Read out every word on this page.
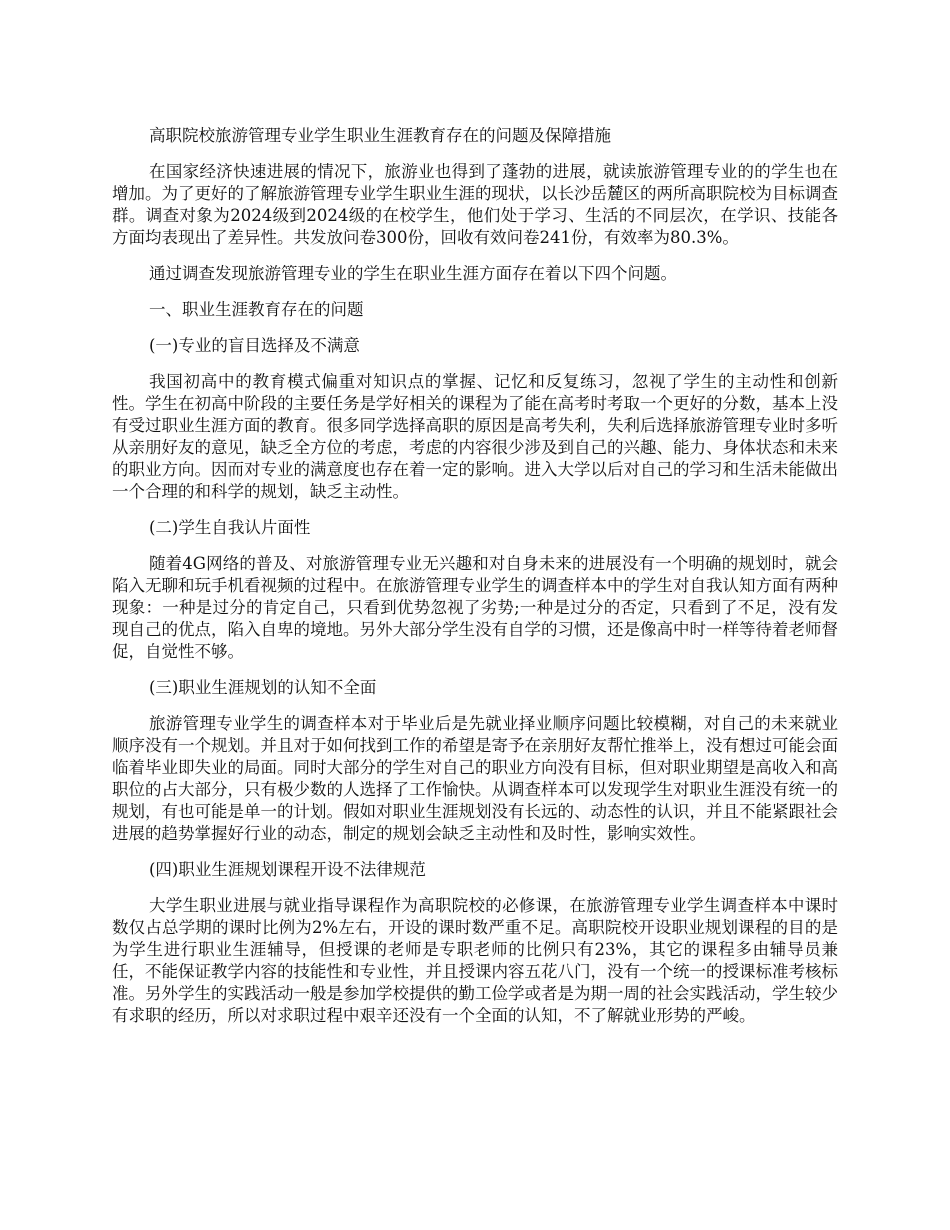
高职院校旅游管理专业学生职业生涯教育存在的问题及保障措施

在国家经济快速进展的情况下，旅游业也得到了蓬勃的进展，就读旅游管理专业的的学生也在增加。为了更好的了解旅游管理专业学生职业生涯的现状，以长沙岳麓区的两所高职院校为目标调查群。调查对象为2024级到2024级的在校学生，他们处于学习、生活的不同层次，在学识、技能各方面均表现出了差异性。共发放问卷300份，回收有效问卷241份，有效率为80.3%。

通过调查发现旅游管理专业的学生在职业生涯方面存在着以下四个问题。

一、职业生涯教育存在的问题

(一)专业的盲目选择及不满意

我国初高中的教育模式偏重对知识点的掌握、记忆和反复练习，忽视了学生的主动性和创新性。学生在初高中阶段的主要任务是学好相关的课程为了能在高考时考取一个更好的分数，基本上没有受过职业生涯方面的教育。很多同学选择高职的原因是高考失利，失利后选择旅游管理专业时多听从亲朋好友的意见，缺乏全方位的考虑，考虑的内容很少涉及到自己的兴趣、能力、身体状态和未来的职业方向。因而对专业的满意度也存在着一定的影响。进入大学以后对自己的学习和生活未能做出一个合理的和科学的规划，缺乏主动性。

(二)学生自我认片面性

随着4G网络的普及、对旅游管理专业无兴趣和对自身未来的进展没有一个明确的规划时，就会陷入无聊和玩手机看视频的过程中。在旅游管理专业学生的调查样本中的学生对自我认知方面有两种现象：一种是过分的肯定自己，只看到优势忽视了劣势;一种是过分的否定，只看到了不足，没有发现自己的优点，陷入自卑的境地。另外大部分学生没有自学的习惯，还是像高中时一样等待着老师督促，自觉性不够。

(三)职业生涯规划的认知不全面

旅游管理专业学生的调查样本对于毕业后是先就业择业顺序问题比较模糊，对自己的未来就业顺序没有一个规划。并且对于如何找到工作的希望是寄予在亲朋好友帮忙推举上，没有想过可能会面临着毕业即失业的局面。同时大部分的学生对自己的职业方向没有目标，但对职业期望是高收入和高职位的占大部分，只有极少数的人选择了工作愉快。从调查样本可以发现学生对职业生涯没有统一的规划，有也可能是单一的计划。假如对职业生涯规划没有长远的、动态性的认识，并且不能紧跟社会进展的趋势掌握好行业的动态，制定的规划会缺乏主动性和及时性，影响实效性。

(四)职业生涯规划课程开设不法律规范

大学生职业进展与就业指导课程作为高职院校的必修课，在旅游管理专业学生调查样本中课时数仅占总学期的课时比例为2%左右，开设的课时数严重不足。高职院校开设职业规划课程的目的是为学生进行职业生涯辅导，但授课的老师是专职老师的比例只有23%，其它的课程多由辅导员兼任，不能保证教学内容的技能性和专业性，并且授课内容五花八门，没有一个统一的授课标准考核标准。另外学生的实践活动一般是参加学校提供的勤工俭学或者是为期一周的社会实践活动，学生较少有求职的经历，所以对求职过程中艰辛还没有一个全面的认知，不了解就业形势的严峻。
